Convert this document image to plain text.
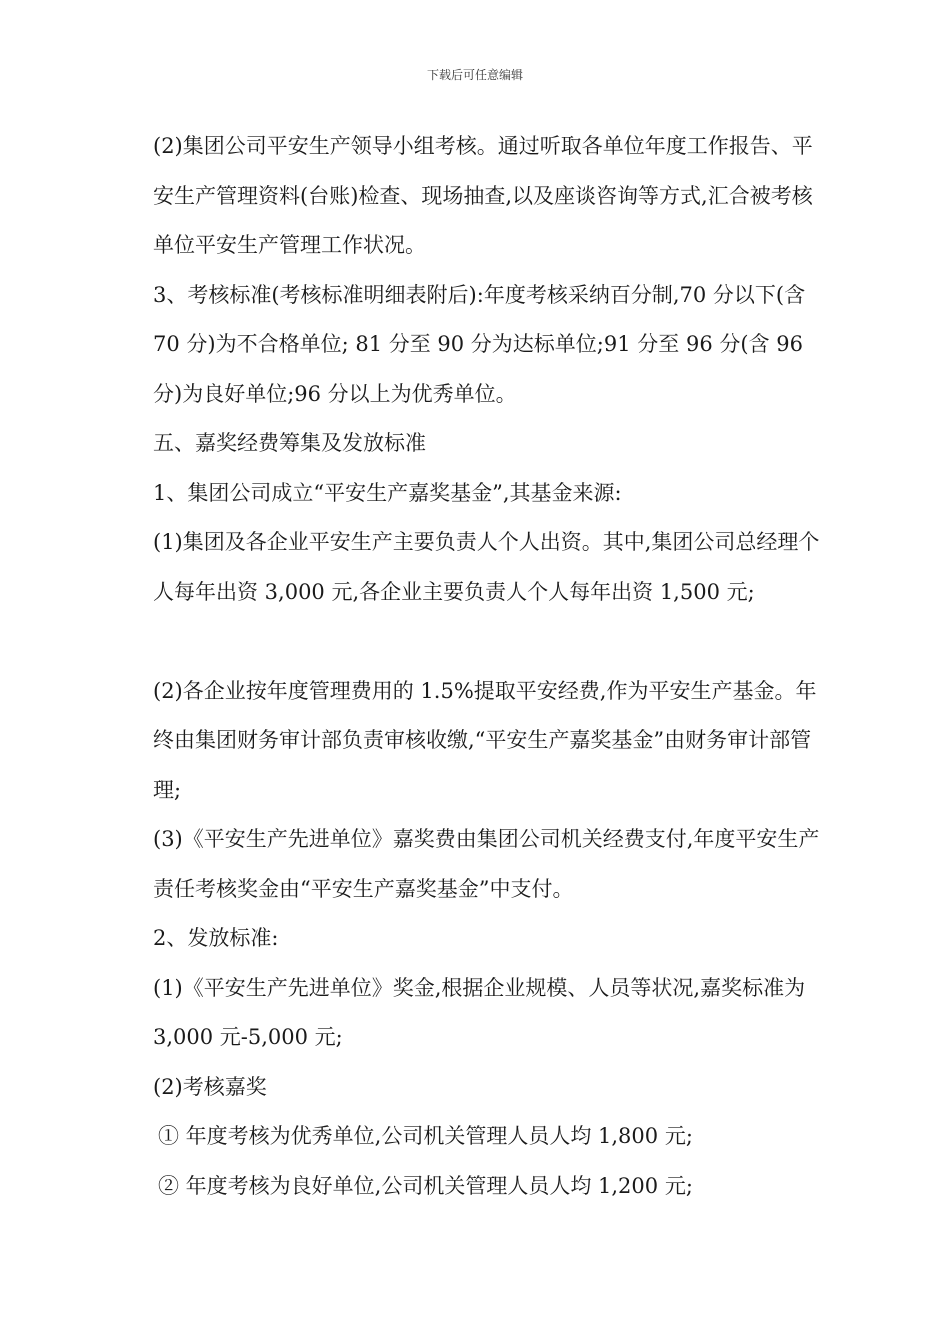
下载后可任意编辑

(2)集团公司平安生产领导小组考核。通过听取各单位年度工作报告、平安生产管理资料(台账)检查、现场抽查,以及座谈咨询等方式,汇合被考核单位平安生产管理工作状况。

3、考核标准(考核标准明细表附后):年度考核采纳百分制,70 分以下(含 70 分)为不合格单位; 81 分至 90 分为达标单位;91 分至 96 分(含 96 分)为良好单位;96 分以上为优秀单位。

五、嘉奖经费筹集及发放标准

1、集团公司成立“平安生产嘉奖基金”,其基金来源:

(1)集团及各企业平安生产主要负责人个人出资。其中,集团公司总经理个人每年出资 3,000 元,各企业主要负责人个人每年出资 1,500 元;

(2)各企业按年度管理费用的 1.5%提取平安经费,作为平安生产基金。年终由集团财务审计部负责审核收缴,“平安生产嘉奖基金”由财务审计部管理;

(3)《平安生产先进单位》嘉奖费由集团公司机关经费支付,年度平安生产责任考核奖金由“平安生产嘉奖基金”中支付。

2、发放标准:

(1)《平安生产先进单位》奖金,根据企业规模、人员等状况,嘉奖标准为 3,000 元-5,000 元;

(2)考核嘉奖

① 年度考核为优秀单位,公司机关管理人员人均 1,800 元;

② 年度考核为良好单位,公司机关管理人员人均 1,200 元;
